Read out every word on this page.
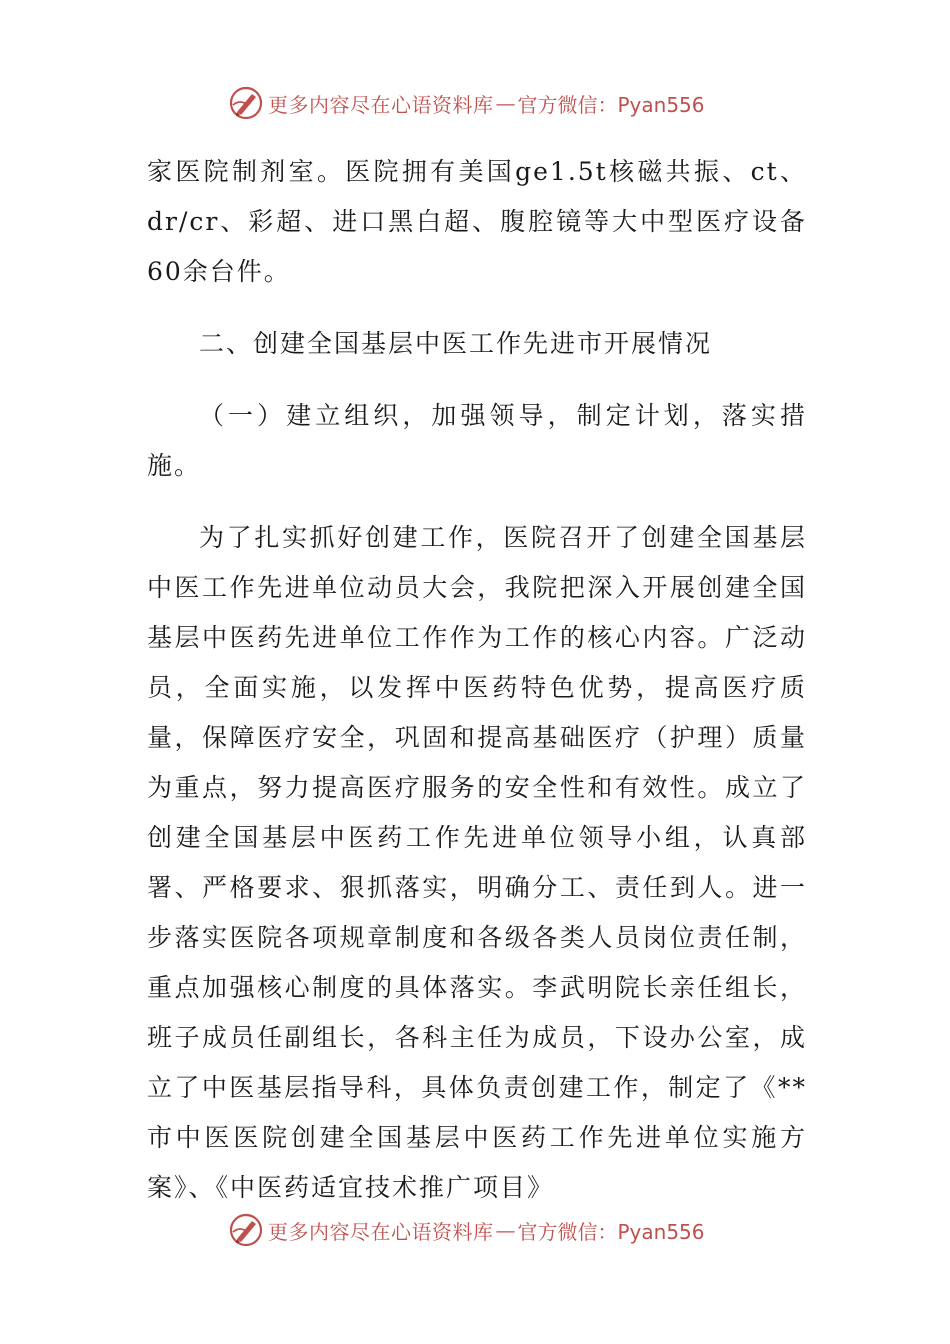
更多内容尽在心语资料库 — 官方微信：Pyan556

家医院制剂室。医院拥有美国ge1.5t核磁共振、ct、dr/cr、彩超、进口黑白超、腹腔镜等大中型医疗设备60余台件。

二、创建全国基层中医工作先进市开展情况

（一）建立组织，加强领导，制定计划，落实措施。

为了扎实抓好创建工作，医院召开了创建全国基层中医工作先进单位动员大会，我院把深入开展创建全国基层中医药先进单位工作作为工作的核心内容。广泛动员，全面实施，以发挥中医药特色优势，提高医疗质量，保障医疗安全，巩固和提高基础医疗（护理）质量为重点，努力提高医疗服务的安全性和有效性。成立了创建全国基层中医药工作先进单位领导小组，认真部署、严格要求、狠抓落实，明确分工、责任到人。进一步落实医院各项规章制度和各级各类人员岗位责任制，重点加强核心制度的具体落实。李武明院长亲任组长，班子成员任副组长，各科主任为成员，下设办公室，成立了中医基层指导科，具体负责创建工作，制定了《**市中医医院创建全国基层中医药工作先进单位实施方案》、《中医药适宜技术推广项目》

更多内容尽在心语资料库 — 官方微信：Pyan556
